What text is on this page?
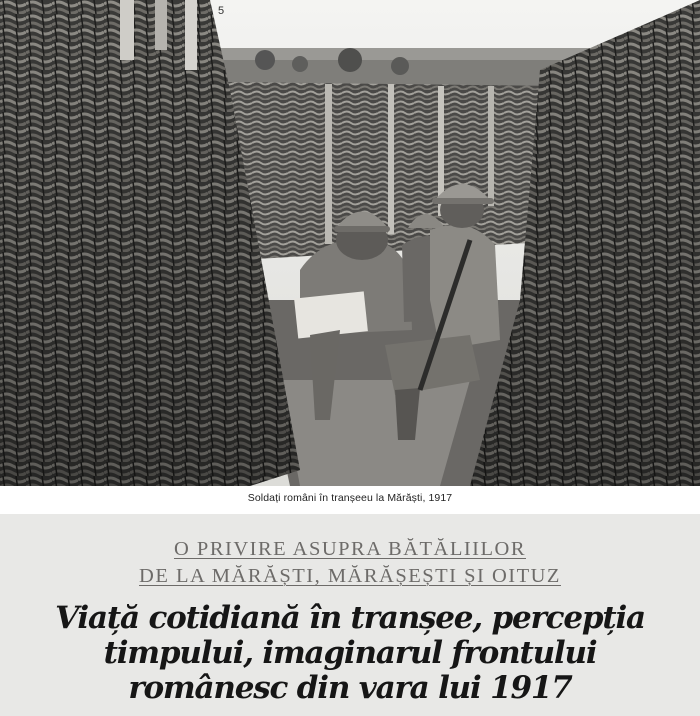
5
Soldați români în tranșeeu la Mărăști, 1917
O PRIVIRE ASUPRA BĂTĂLIILOR
DE LA MĂRĂȘTI, MĂRĂȘEȘTI ȘI OITUZ
Viață cotidiană în tranșee, percepția
timpului, imaginarul frontului
românesc din vara lui 1917
